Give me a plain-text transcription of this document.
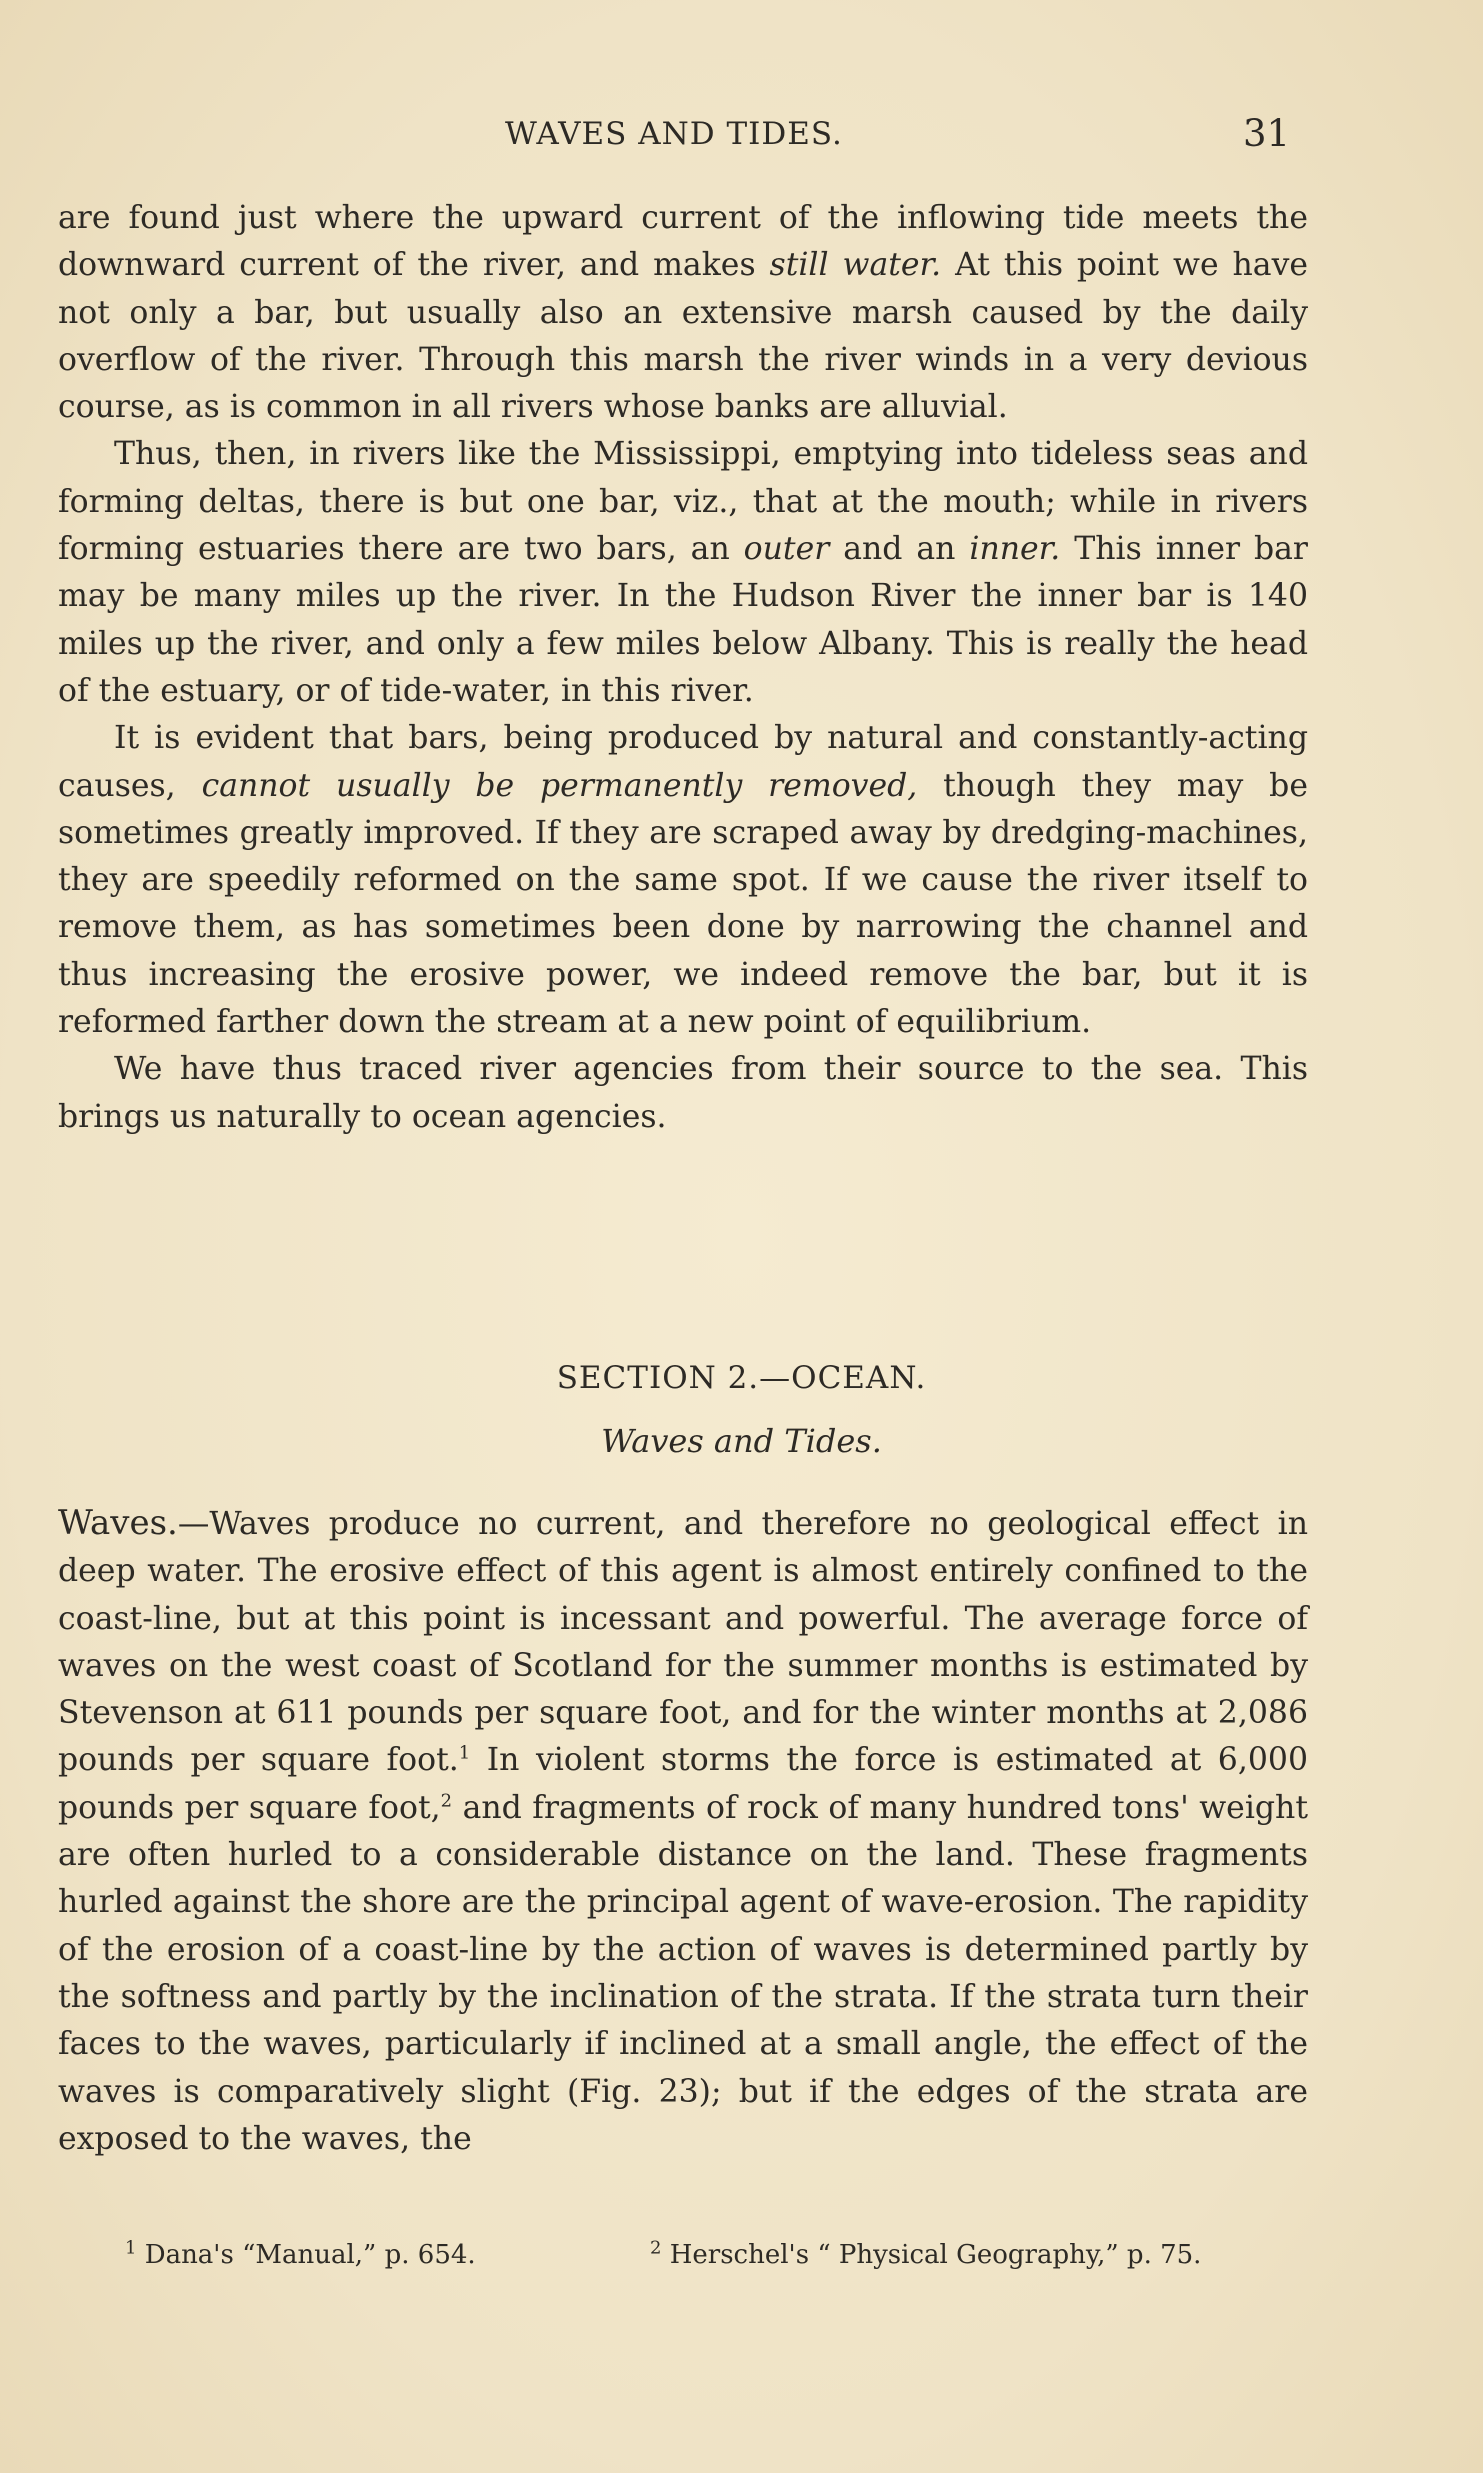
WAVES AND TIDES.	31

are found just where the upward current of the inflowing tide meets the downward current of the river, and makes still water. At this point we have not only a bar, but usually also an extensive marsh caused by the daily overflow of the river. Through this marsh the river winds in a very devious course, as is common in all rivers whose banks are alluvial.

Thus, then, in rivers like the Mississippi, emptying into tideless seas and forming deltas, there is but one bar, viz., that at the mouth; while in rivers forming estuaries there are two bars, an outer and an inner. This inner bar may be many miles up the river. In the Hudson River the inner bar is 140 miles up the river, and only a few miles below Albany. This is really the head of the estuary, or of tide-water, in this river.

It is evident that bars, being produced by natural and constantly-acting causes, cannot usually be permanently removed, though they may be sometimes greatly improved. If they are scraped away by dredging-machines, they are speedily reformed on the same spot. If we cause the river itself to remove them, as has sometimes been done by narrowing the channel and thus increasing the erosive power, we indeed remove the bar, but it is reformed farther down the stream at a new point of equilibrium.

We have thus traced river agencies from their source to the sea. This brings us naturally to ocean agencies.

SECTION 2.—OCEAN.
Waves and Tides.

Waves.—Waves produce no current, and therefore no geological effect in deep water. The erosive effect of this agent is almost entirely confined to the coast-line, but at this point is incessant and powerful. The average force of waves on the west coast of Scotland for the summer months is estimated by Stevenson at 611 pounds per square foot, and for the winter months at 2,086 pounds per square foot.$^1$ In violent storms the force is estimated at 6,000 pounds per square foot,$^2$ and fragments of rock of many hundred tons' weight are often hurled to a considerable distance on the land. These fragments hurled against the shore are the principal agent of wave-erosion. The rapidity of the erosion of a coast-line by the action of waves is determined partly by the softness and partly by the inclination of the strata. If the strata turn their faces to the waves, particularly if inclined at a small angle, the effect of the waves is comparatively slight (Fig. 23); but if the edges of the strata are exposed to the waves, the

$^1$ Dana's “Manual,” p. 654.	$^2$ Herschel's “ Physical Geography,” p. 75.
